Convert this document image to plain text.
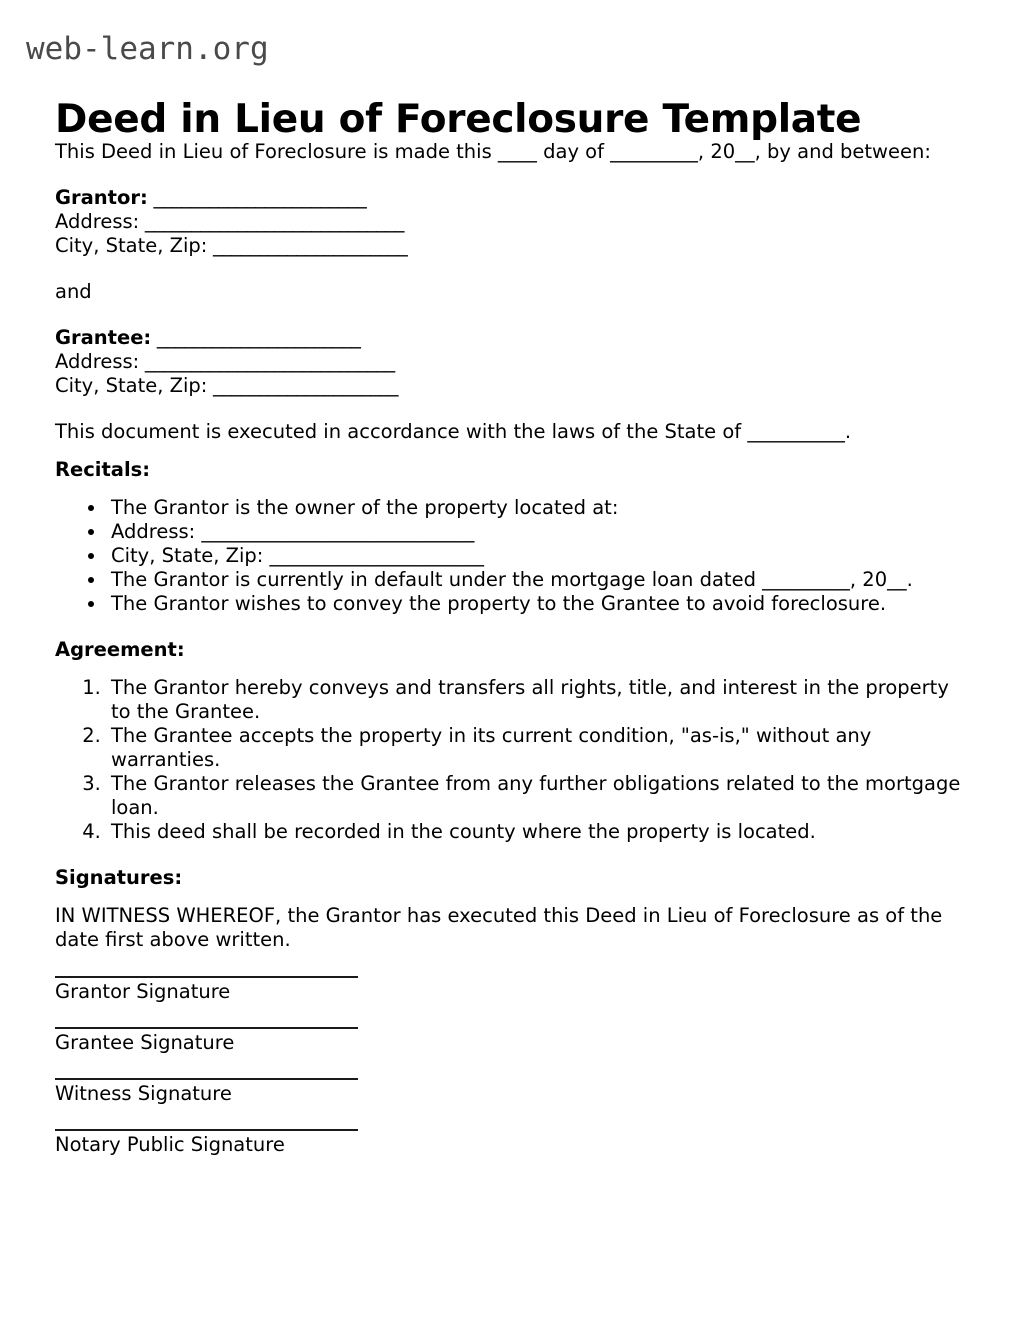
web-learn.org
Deed in Lieu of Foreclosure Template

This Deed in Lieu of Foreclosure is made this ____ day of _________, 20__, by and between:

Grantor: _______________________
Address: ____________________________
City, State, Zip: _____________________

and

Grantee: ______________________
Address: ___________________________
City, State, Zip: ____________________

This document is executed in accordance with the laws of the State of __________.

Recitals:
• The Grantor is the owner of the property located at:
• Address: ____________________________
• City, State, Zip: ______________________
• The Grantor is currently in default under the mortgage loan dated _________, 20__.
• The Grantor wishes to convey the property to the Grantee to avoid foreclosure.
Agreement:
1. The Grantor hereby conveys and transfers all rights, title, and interest in the property to the Grantee.
2. The Grantee accepts the property in its current condition, "as-is," without any warranties.
3. The Grantor releases the Grantee from any further obligations related to the mortgage loan.
4. This deed shall be recorded in the county where the property is located.
Signatures:

IN WITNESS WHEREOF, the Grantor has executed this Deed in Lieu of Foreclosure as of the date first above written.

Grantor Signature
Grantee Signature
Witness Signature
Notary Public Signature
